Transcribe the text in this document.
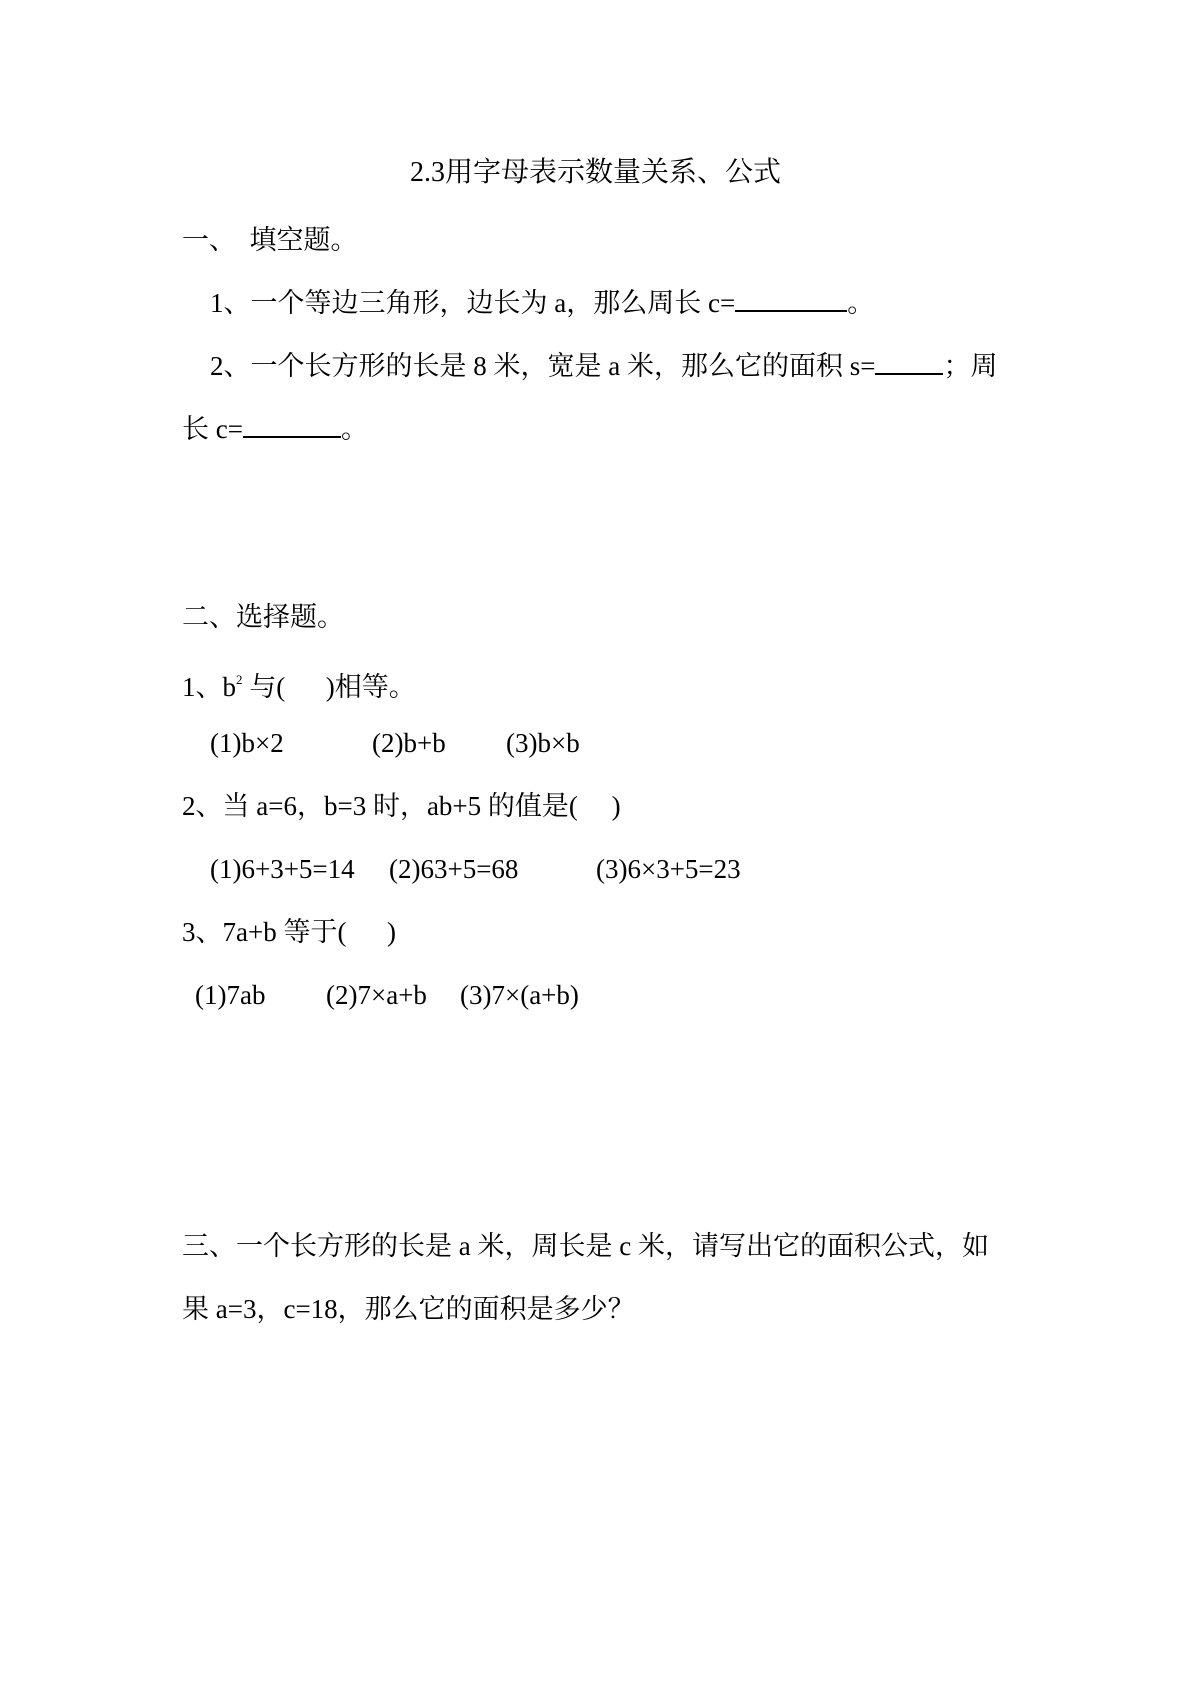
2.3用字母表示数量关系、公式
一、  填空题。
1、一个等边三角形，边长为 a，那么周长 c=	。
2、一个长方形的长是 8 米，宽是 a 米，那么它的面积 s=	；周
长 c=	。
二、选择题。
1、$b^2$ 与(      )相等。
(1)b×2	(2)b+b (3)b×b
2、当 a=6，b=3 时，ab+5 的值是(     )
(1)6+3+5=14 (2)63+5=68	(3)6×3+5=23
3、7a+b 等于(      )
(1)7ab (2)7×a+b (3)7×(a+b)
三、一个长方形的长是 a 米，周长是 c 米，请写出它的面积公式，如
果 a=3，c=18，那么它的面积是多少？
